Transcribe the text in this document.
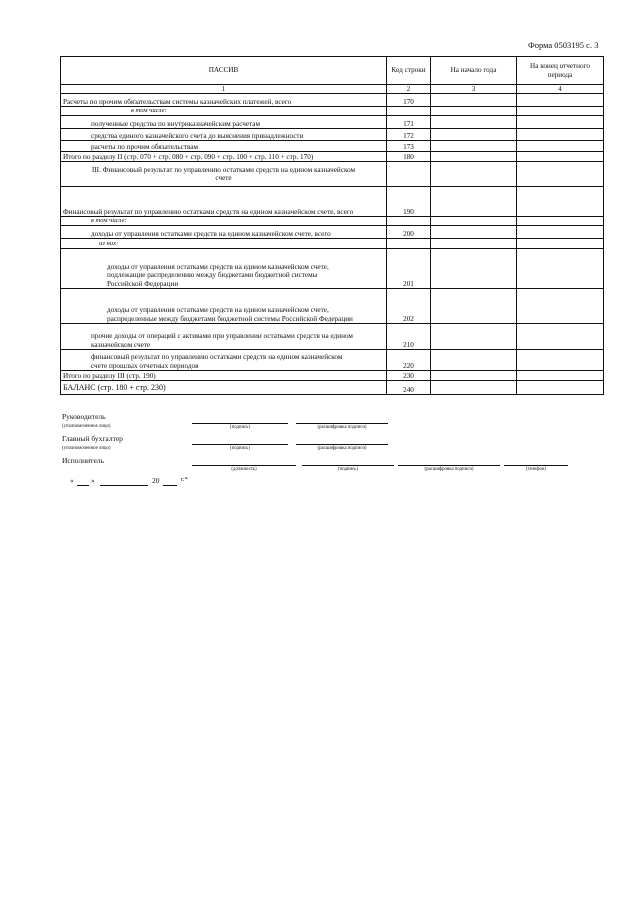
Форма 0503195 с. 3
ПАССИВ	Код строки	На начало года	На конец отчетного периода
1	2	3	4
Расчеты по прочим обязательствам системы казначейских платежей, всего	170		
в том числе:			
полученные средства по внутриказначейским расчетам	171		
средства единого казначейского счета до выяснения принадлежности	172		
расчеты по прочим обязательствам	173		
Итого по разделу II (стр. 070 + стр. 080 + стр. 090 + стр. 100 + стр. 110 + стр. 170)	180		
III. Финансовый результат по управлению остатками средств на едином казначейском счете			
Финансовый результат по управлению остатками средств на едином казначейском счете, всего	190		
в том числе:			
доходы от управления остатками средств на едином казначейском счете, всего	200		
из них:			
доходы от управления остатками средств на едином казначейском счете, подлежащие распределению между бюджетами бюджетной системы Российской Федерации	201		
доходы от управления остатками средств на едином казначейском счете, распределенные между бюджетами бюджетной системы Российской Федерации	202		
прочие доходы от операций с активами при управлении остатками средств на едином казначейском счете	210		
финансовый результат по управлению остатками средств на едином казначейском счете прошлых отчетных периодов	220		
Итого по разделу III (стр. 190)	230		
БАЛАНС (стр. 180 + стр. 230)	240		
Руководитель
(уполномоченное лицо)	(подпись)	(расшифровка подписи)
Главный бухгалтер
(уполномоченное лицо)	(подпись)	(расшифровка подписи)
Исполнитель
(должность)	(подпись)	(расшифровка подписи)	(телефон)
« »	20	г.*
